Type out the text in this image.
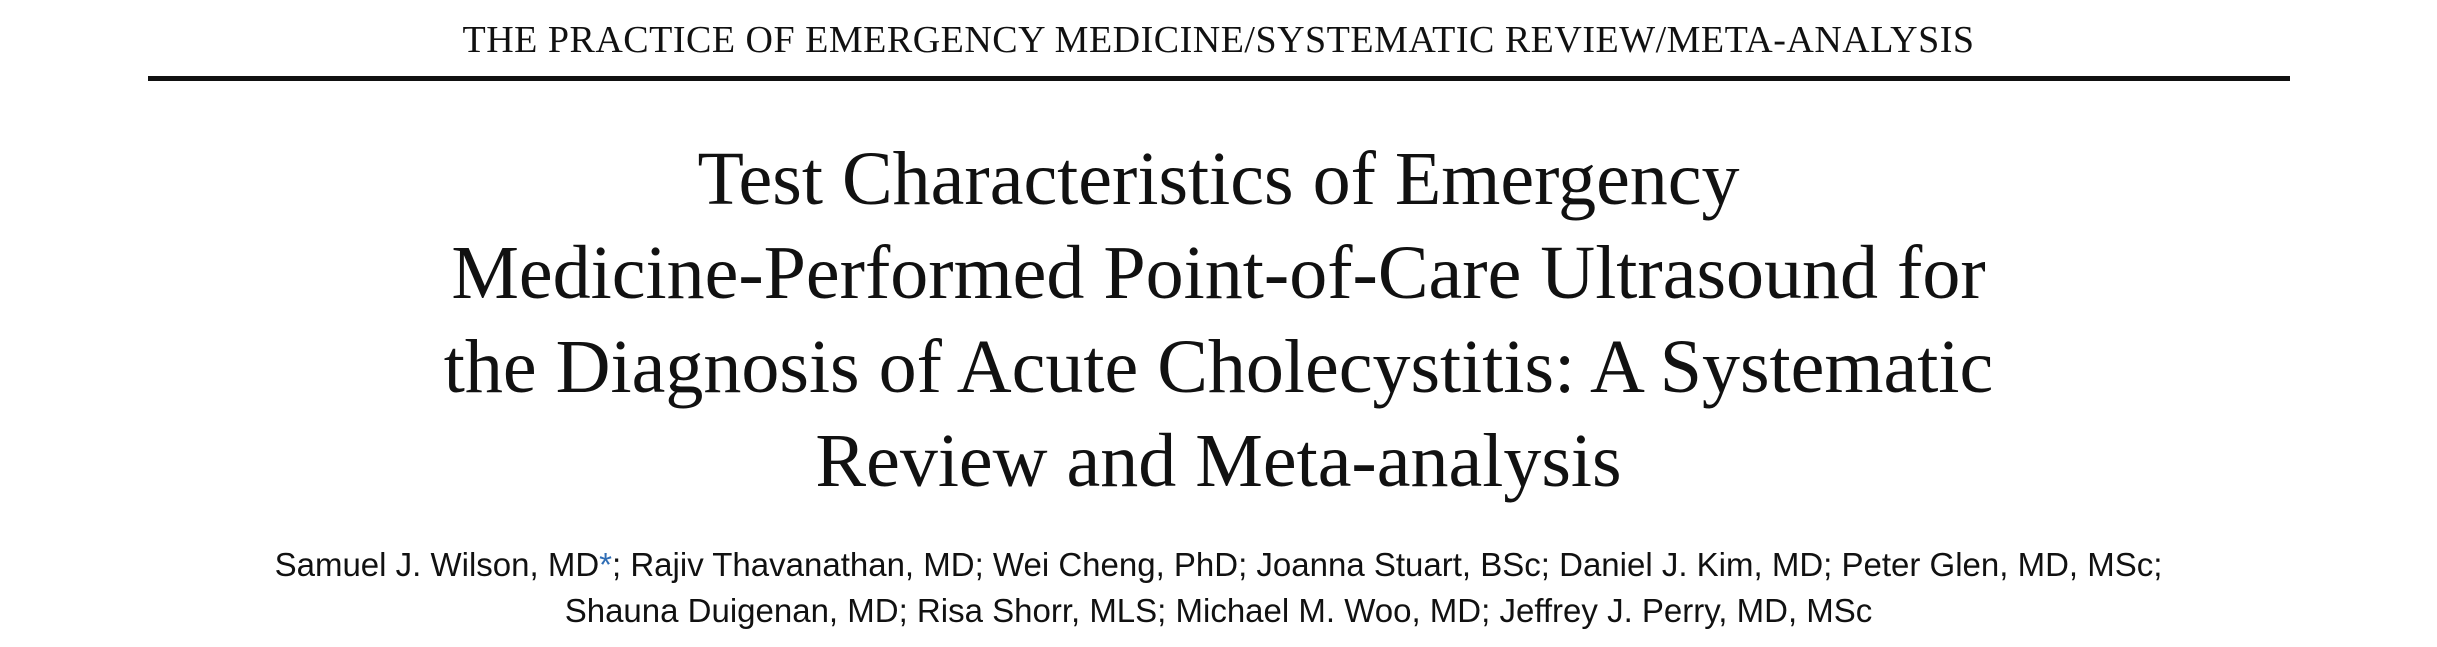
THE PRACTICE OF EMERGENCY MEDICINE/SYSTEMATIC REVIEW/META-ANALYSIS
Test Characteristics of Emergency
Medicine-Performed Point-of-Care Ultrasound for
the Diagnosis of Acute Cholecystitis: A Systematic
Review and Meta-analysis
Samuel J. Wilson, MD*; Rajiv Thavanathan, MD; Wei Cheng, PhD; Joanna Stuart, BSc; Daniel J. Kim, MD; Peter Glen, MD, MSc;
Shauna Duigenan, MD; Risa Shorr, MLS; Michael M. Woo, MD; Jeffrey J. Perry, MD, MSc
